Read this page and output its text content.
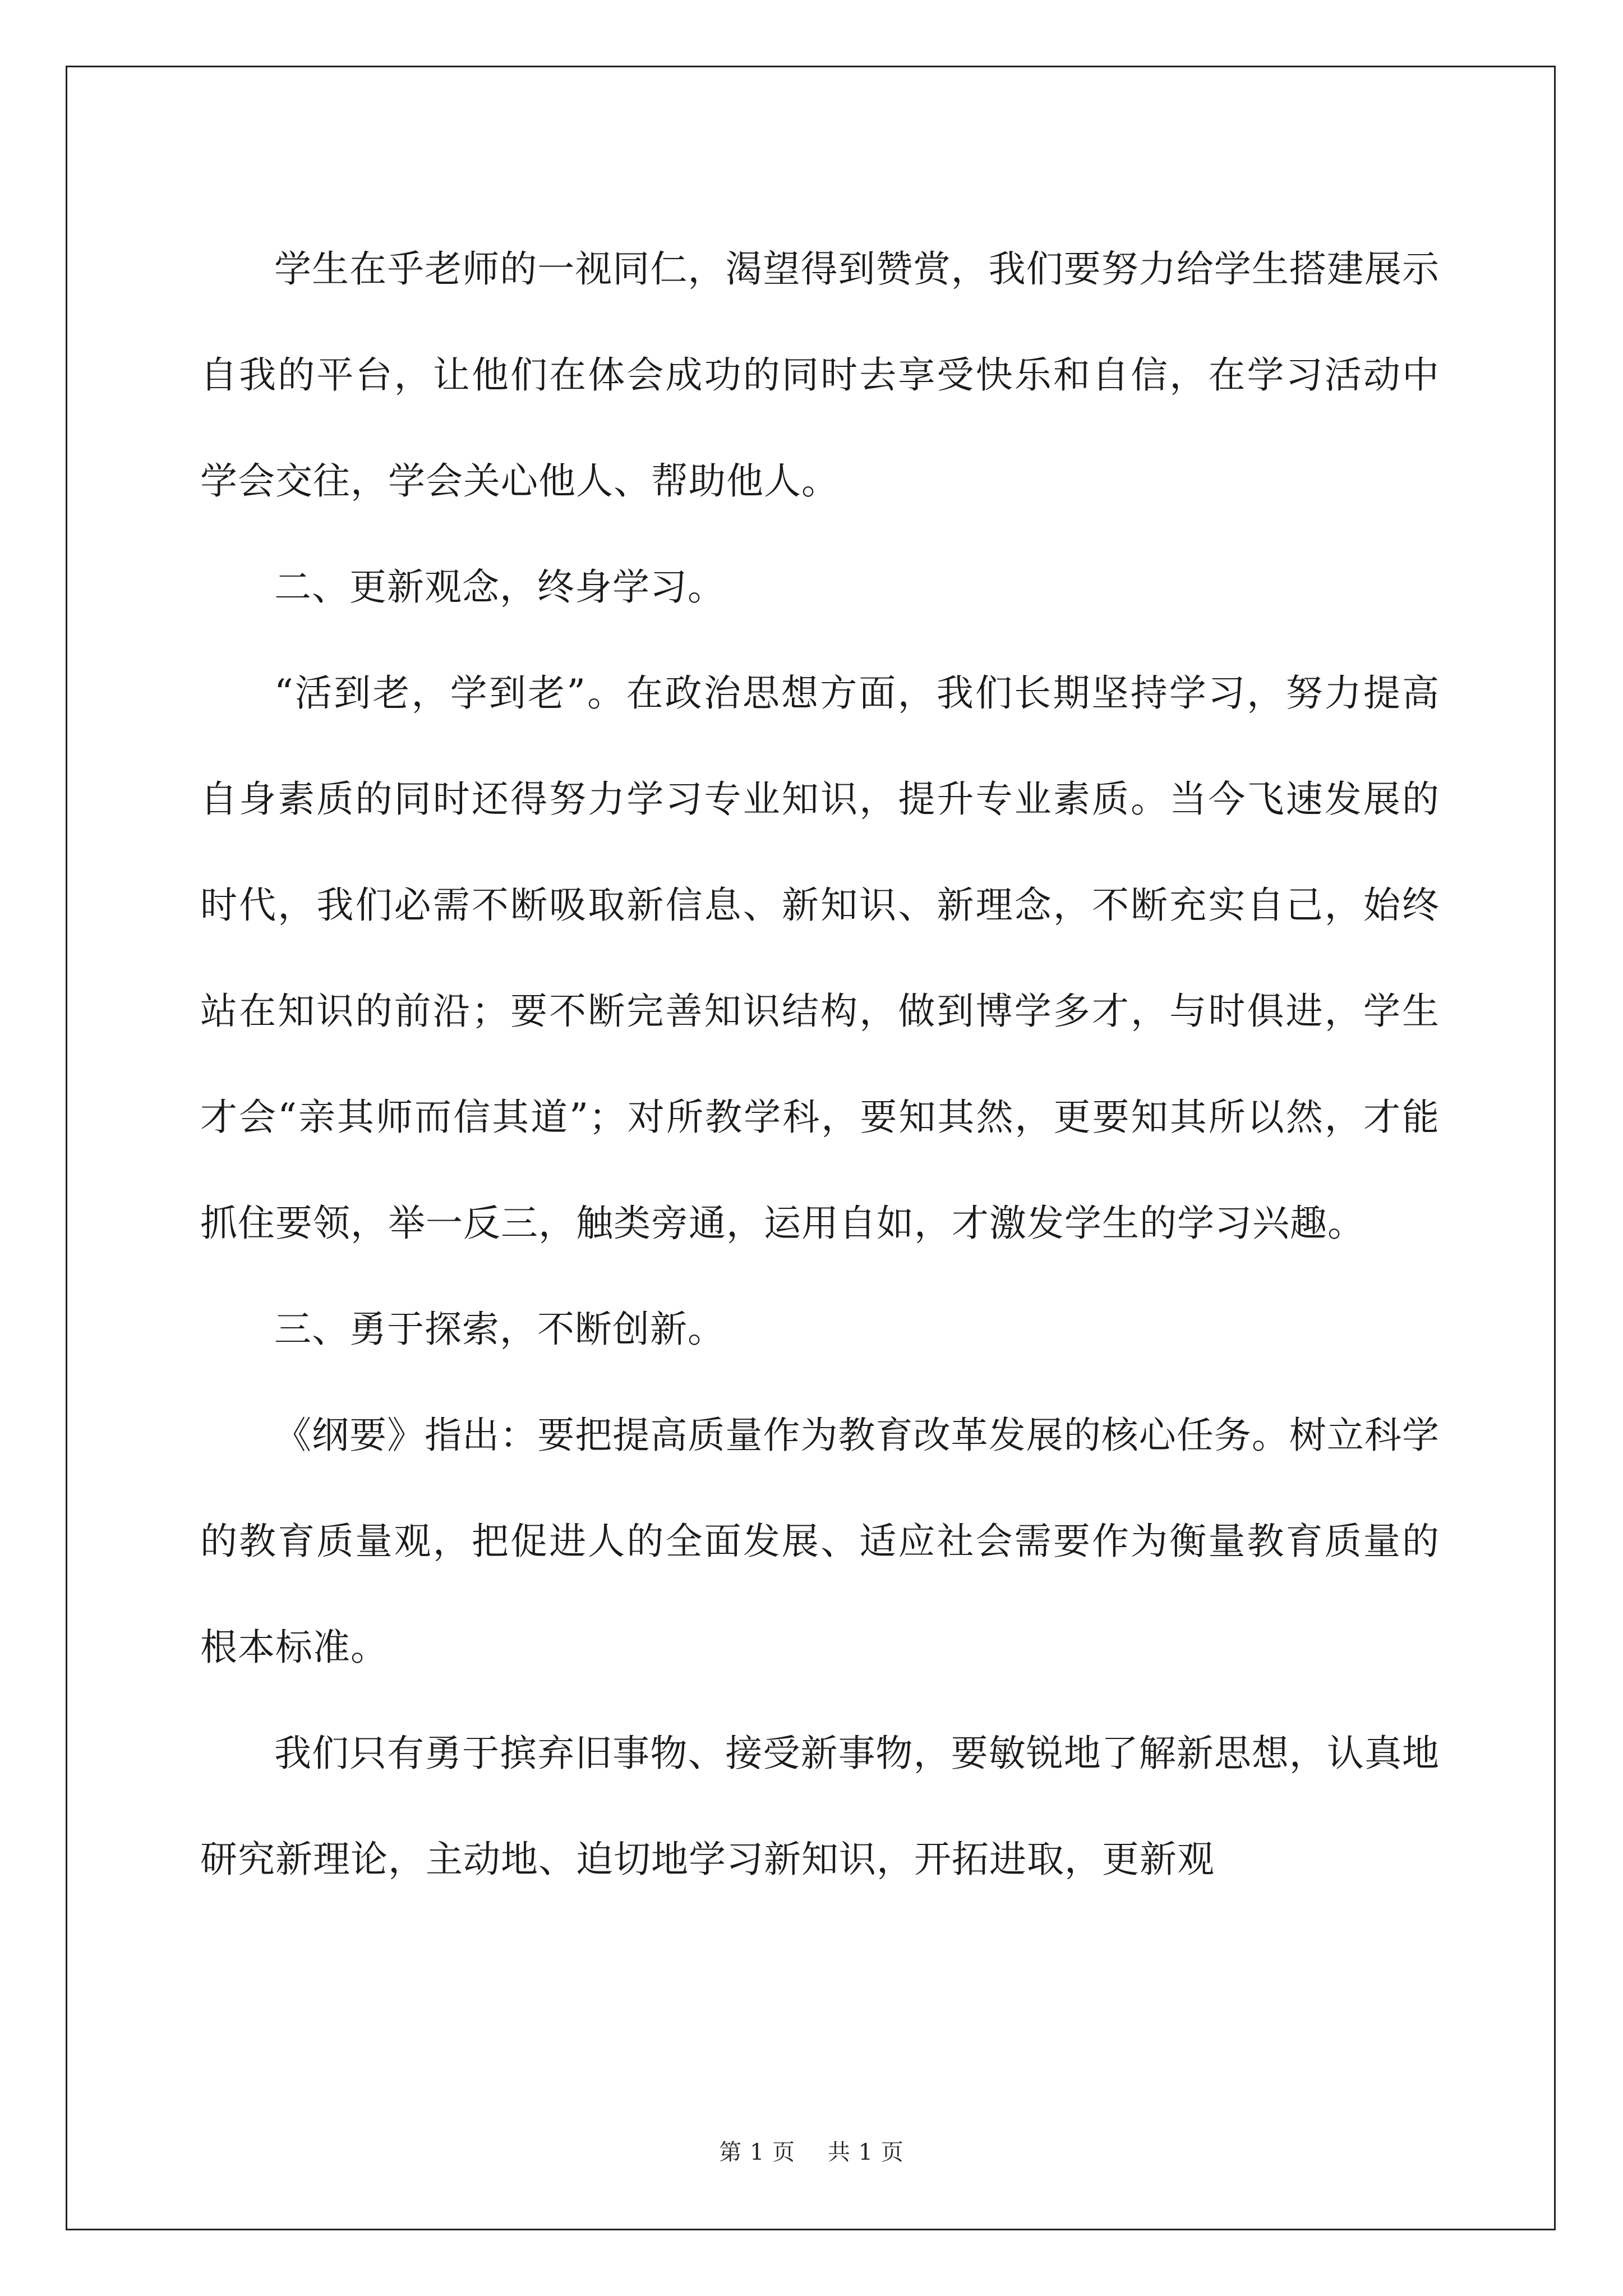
学生在乎老师的一视同仁，渴望得到赞赏，我们要努力给学生搭建展示自我的平台，让他们在体会成功的同时去享受快乐和自信，在学习活动中学会交往，学会关心他人、帮助他人。

二、更新观念，终身学习。

“活到老，学到老”。在政治思想方面，我们长期坚持学习，努力提高自身素质的同时还得努力学习专业知识，提升专业素质。当今飞速发展的时代，我们必需不断吸取新信息、新知识、新理念，不断充实自己，始终站在知识的前沿；要不断完善知识结构，做到博学多才，与时俱进，学生才会“亲其师而信其道”；对所教学科，要知其然，更要知其所以然，才能抓住要领，举一反三，触类旁通，运用自如，才激发学生的学习兴趣。

三、勇于探索，不断创新。

《纲要》指出：要把提高质量作为教育改革发展的核心任务。树立科学的教育质量观，把促进人的全面发展、适应社会需要作为衡量教育质量的根本标准。

我们只有勇于摈弃旧事物、接受新事物，要敏锐地了解新思想，认真地研究新理论，主动地、迫切地学习新知识，开拓进取，更新观

第 1 页 共 1 页
